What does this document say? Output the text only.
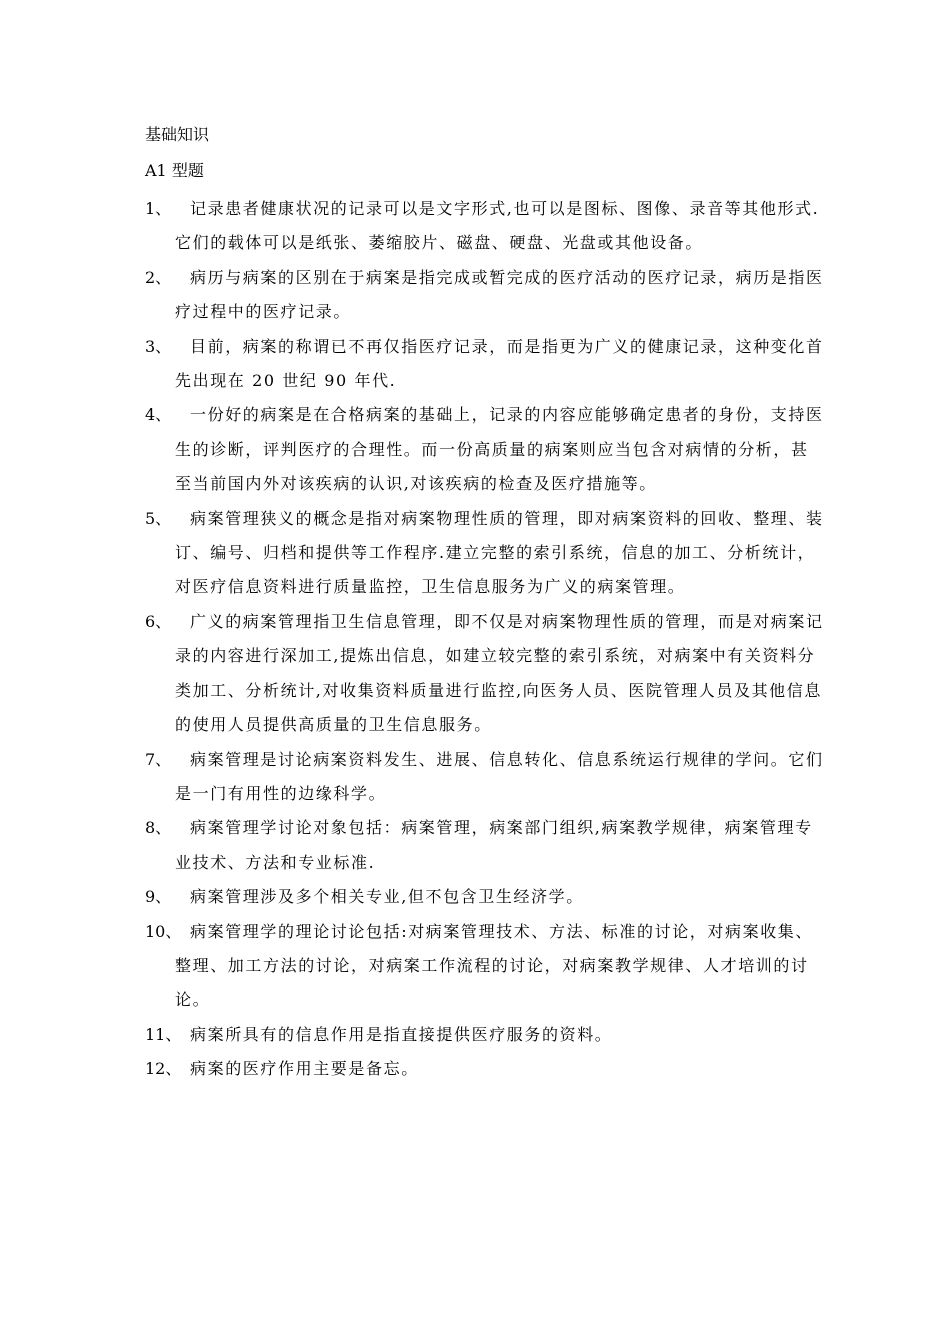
基础知识
A1 型题
1、	记录患者健康状况的记录可以是文字形式,也可以是图标、图像、录音等其他形式.它们的载体可以是纸张、萎缩胶片、磁盘、硬盘、光盘或其他设备。
2、	病历与病案的区别在于病案是指完成或暂完成的医疗活动的医疗记录，病历是指医疗过程中的医疗记录。
3、	目前，病案的称谓已不再仅指医疗记录，而是指更为广义的健康记录，这种变化首先出现在 20 世纪 90 年代.
4、	一份好的病案是在合格病案的基础上，记录的内容应能够确定患者的身份，支持医生的诊断，评判医疗的合理性。而一份高质量的病案则应当包含对病情的分析，甚至当前国内外对该疾病的认识,对该疾病的检查及医疗措施等。
5、	病案管理狭义的概念是指对病案物理性质的管理，即对病案资料的回收、整理、装订、编号、归档和提供等工作程序.建立完整的索引系统，信息的加工、分析统计，对医疗信息资料进行质量监控，卫生信息服务为广义的病案管理。
6、	广义的病案管理指卫生信息管理，即不仅是对病案物理性质的管理，而是对病案记录的内容进行深加工,提炼出信息，如建立较完整的索引系统，对病案中有关资料分类加工、分析统计,对收集资料质量进行监控,向医务人员、医院管理人员及其他信息的使用人员提供高质量的卫生信息服务。
7、	病案管理是讨论病案资料发生、进展、信息转化、信息系统运行规律的学问。它们是一门有用性的边缘科学。
8、	病案管理学讨论对象包括：病案管理，病案部门组织,病案教学规律，病案管理专业技术、方法和专业标准.
9、	病案管理涉及多个相关专业,但不包含卫生经济学。
10、 病案管理学的理论讨论包括:对病案管理技术、方法、标准的讨论，对病案收集、整理、加工方法的讨论，对病案工作流程的讨论，对病案教学规律、人才培训的讨论。
11、 病案所具有的信息作用是指直接提供医疗服务的资料。
12、 病案的医疗作用主要是备忘。
